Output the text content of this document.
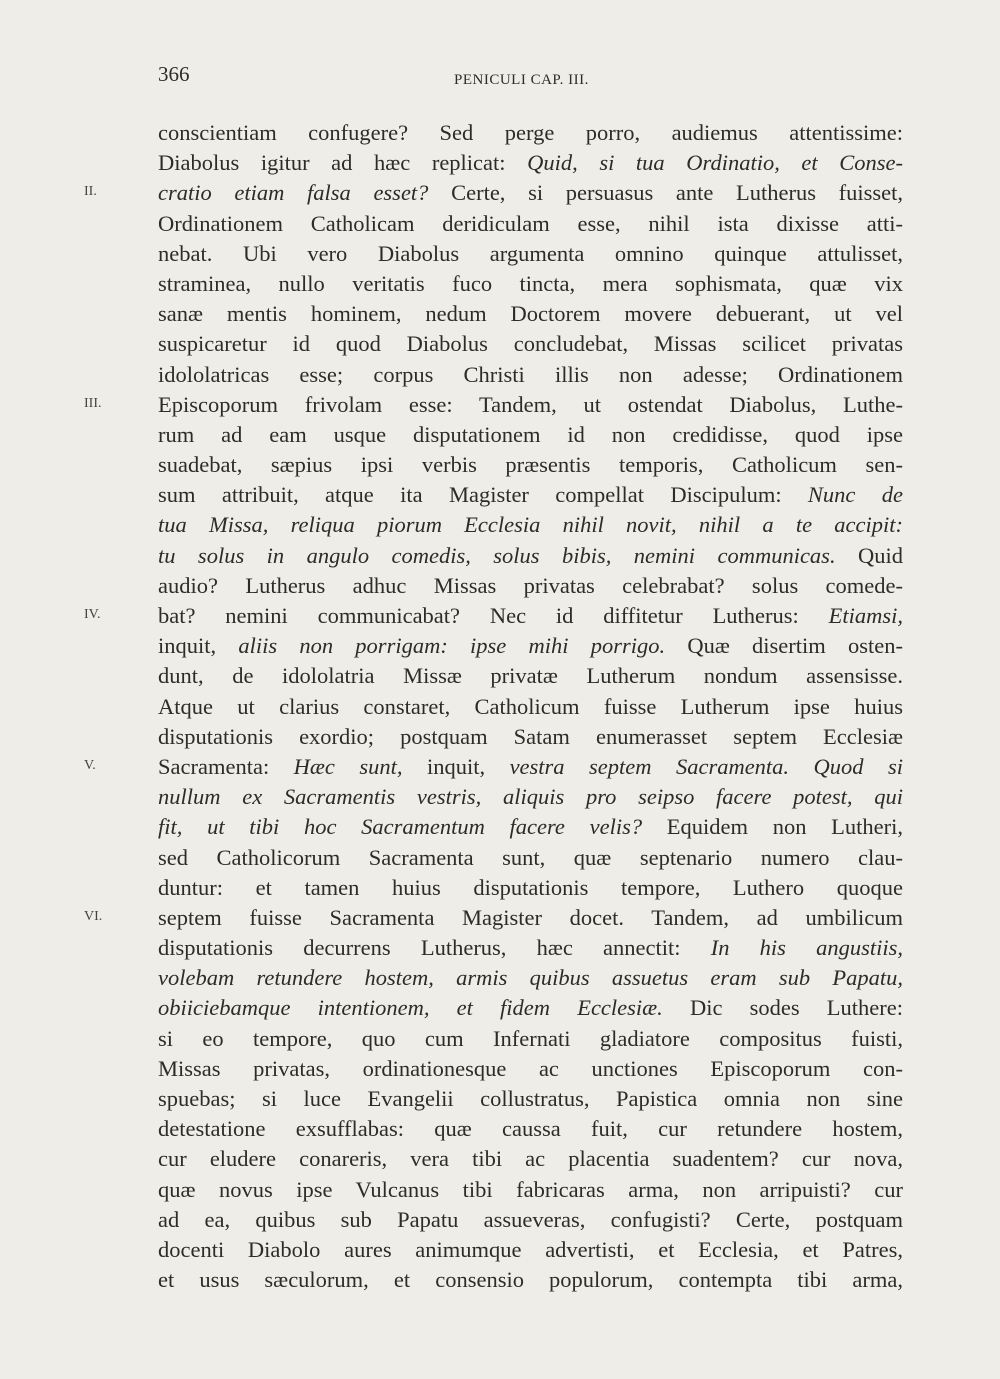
366	PENICULI CAP. III.
II.
III.
IV.
V.
VI.
conscientiam confugere? Sed perge porro, audiemus attentissime:
Diabolus igitur ad hæc replicat: Quid, si tua Ordinatio, et Conse-
cratio etiam falsa esset? Certe, si persuasus ante Lutherus fuisset,
Ordinationem Catholicam deridiculam esse, nihil ista dixisse atti-
nebat. Ubi vero Diabolus argumenta omnino quinque attulisset,
straminea, nullo veritatis fuco tincta, mera sophismata, quæ vix
sanæ mentis hominem, nedum Doctorem movere debuerant, ut vel
suspicaretur id quod Diabolus concludebat, Missas scilicet privatas
idololatricas esse; corpus Christi illis non adesse; Ordinationem
Episcoporum frivolam esse: Tandem, ut ostendat Diabolus, Luthe-
rum ad eam usque disputationem id non credidisse, quod ipse
suadebat, sæpius ipsi verbis præsentis temporis, Catholicum sen-
sum attribuit, atque ita Magister compellat Discipulum: Nunc de
tua Missa, reliqua piorum Ecclesia nihil novit, nihil a te accipit:
tu solus in angulo comedis, solus bibis, nemini communicas. Quid
audio? Lutherus adhuc Missas privatas celebrabat? solus comede-
bat? nemini communicabat? Nec id diffitetur Lutherus: Etiamsi,
inquit, aliis non porrigam: ipse mihi porrigo. Quæ disertim osten-
dunt, de idololatria Missæ privatæ Lutherum nondum assensisse.
Atque ut clarius constaret, Catholicum fuisse Lutherum ipse huius
disputationis exordio; postquam Satam enumerasset septem Ecclesiæ
Sacramenta: Hæc sunt, inquit, vestra septem Sacramenta. Quod si
nullum ex Sacramentis vestris, aliquis pro seipso facere potest, qui
fit, ut tibi hoc Sacramentum facere velis? Equidem non Lutheri,
sed Catholicorum Sacramenta sunt, quæ septenario numero clau-
duntur: et tamen huius disputationis tempore, Luthero quoque
septem fuisse Sacramenta Magister docet. Tandem, ad umbilicum
disputationis decurrens Lutherus, hæc annectit: In his angustiis,
volebam retundere hostem, armis quibus assuetus eram sub Papatu,
obiiciebamque intentionem, et fidem Ecclesiæ. Dic sodes Luthere:
si eo tempore, quo cum Infernati gladiatore compositus fuisti,
Missas privatas, ordinationesque ac unctiones Episcoporum con-
spuebas; si luce Evangelii collustratus, Papistica omnia non sine
detestatione exsufflabas: quæ caussa fuit, cur retundere hostem,
cur eludere conareris, vera tibi ac placentia suadentem? cur nova,
quæ novus ipse Vulcanus tibi fabricaras arma, non arripuisti? cur
ad ea, quibus sub Papatu assueveras, confugisti? Certe, postquam
docenti Diabolo aures animumque advertisti, et Ecclesia, et Patres,
et usus sæculorum, et consensio populorum, contempta tibi arma,
